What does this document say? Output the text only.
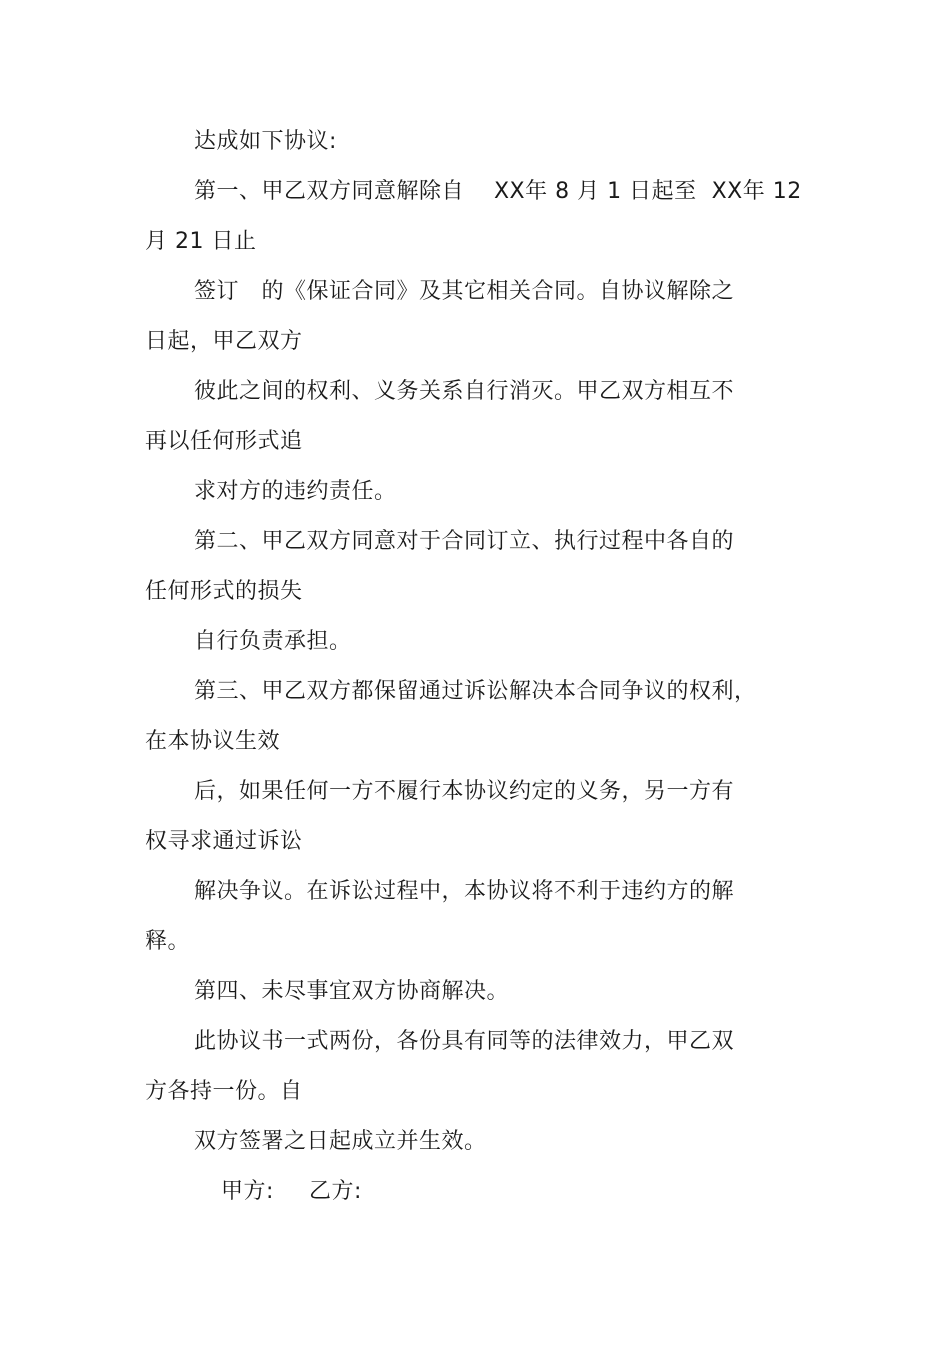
达成如下协议:
第一、甲乙双方同意解除自    XX年 8 月 1 日起至  XX年 12
月 21 日止
签订   的《保证合同》及其它相关合同。自协议解除之
日起，甲乙双方
彼此之间的权利、义务关系自行消灭。甲乙双方相互不
再以任何形式追
求对方的违约责任。
第二、甲乙双方同意对于合同订立、执行过程中各自的
任何形式的损失
自行负责承担。
第三、甲乙双方都保留通过诉讼解决本合同争议的权利，
在本协议生效
后，如果任何一方不履行本协议约定的义务，另一方有
权寻求通过诉讼
解决争议。在诉讼过程中，本协议将不利于违约方的解
释。
第四、未尽事宜双方协商解决。
此协议书一式两份，各份具有同等的法律效力，甲乙双
方各持一份。自
双方签署之日起成立并生效。
甲方: 乙方:
